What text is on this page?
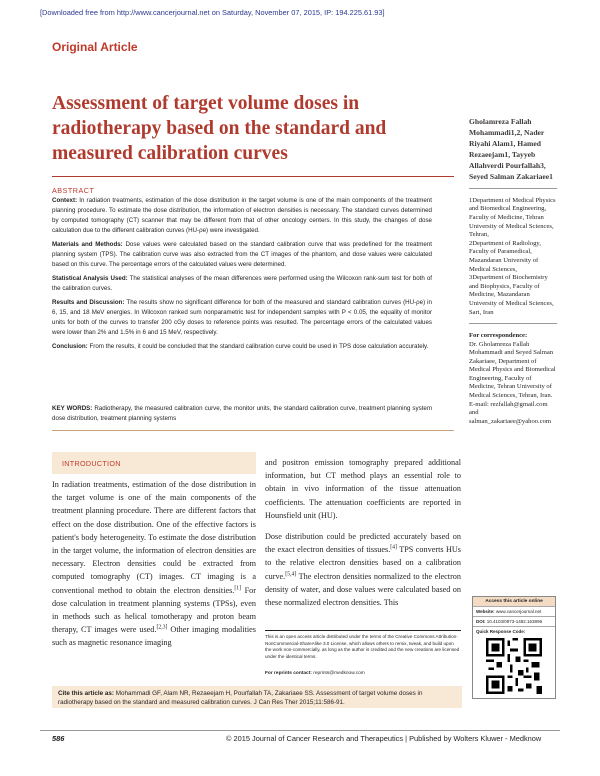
[Downloaded free from http://www.cancerjournal.net on Saturday, November 07, 2015, IP: 194.225.61.93]
Original Article
Assessment of target volume doses in radiotherapy based on the standard and measured calibration curves
ABSTRACT

Context: In radiation treatments, estimation of the dose distribution in the target volume is one of the main components of the treatment planning procedure. To estimate the dose distribution, the information of electron densities is necessary. The standard curves determined by computed tomography (CT) scanner that may be different from that of other oncology centers. In this study, the changes of dose calculation due to the different calibration curves (HU-ρe) were investigated.

Materials and Methods: Dose values were calculated based on the standard calibration curve that was predefined for the treatment planning system (TPS). The calibration curve was also extracted from the CT images of the phantom, and dose values were calculated based on this curve. The percentage errors of the calculated values were determined.

Statistical Analysis Used: The statistical analyses of the mean differences were performed using the Wilcoxon rank-sum test for both of the calibration curves.

Results and Discussion: The results show no significant difference for both of the measured and standard calibration curves (HU-ρe) in 6, 15, and 18 MeV energies. In Wilcoxon ranked sum nonparametric test for independent samples with P < 0.05, the equality of monitor units for both of the curves to transfer 200 cGy doses to reference points was resulted. The percentage errors of the calculated values were lower than 2% and 1.5% in 6 and 15 MeV, respectively.

Conclusion: From the results, it could be concluded that the standard calibration curve could be used in TPS dose calculation accurately.

KEY WORDS: Radiotherapy, the measured calibration curve, the monitor units, the standard calibration curve, treatment planning system dose distribution, treatment planning systems
INTRODUCTION

In radiation treatments, estimation of the dose distribution in the target volume is one of the main components of the treatment planning procedure. There are different factors that effect on the dose distribution. One of the effective factors is patient's body heterogeneity. To estimate the dose distribution in the target volume, the information of electron densities are necessary. Electron densities could be extracted from computed tomography (CT) images. CT imaging is a conventional method to obtain the electron densities.[1] For dose calculation in treatment planning systems (TPSs), even in methods such as helical tomotherapy and proton beam therapy, CT images were used.[2,3] Other imaging modalities such as magnetic resonance imaging

and positron emission tomography prepared additional information, but CT method plays an essential role to obtain in vivo information of the tissue attenuation coefficients. The attenuation coefficients are reported in Hounsfield unit (HU).

Dose distribution could be predicted accurately based on the exact electron densities of tissues.[4] TPS converts HUs to the relative electron densities based on a calibration curve.[5,4] The electron densities normalized to the electron density of water, and dose values were calculated based on these normalized electron densities. This

This is an open access article distributed under the terms of the Creative Commons Attribution-NonCommercial-ShareAlike 3.0 License, which allows others to remix, tweak, and build upon the work non-commercially, as long as the author is credited and the new creations are licensed under the identical terms.
For reprints contact: reprints@medknow.com
Cite this article as: Mohammadi GF, Alam NR, Rezaeejam H, Pourfallah TA, Zakariaee SS. Assessment of target volume doses in radiotherapy based on the standard and measured calibration curves. J Can Res Ther 2015;11:586-91.
586	© 2015 Journal of Cancer Research and Therapeutics | Published by Wolters Kluwer - Medknow
Gholamreza Fallah Mohammadi1,2, Nader Riyahi Alam1, Hamed Rezaeejam1, Tayyeb Allahverdi Pourfallah3, Seyed Salman Zakariaee1

1Department of Medical Physics and Biomedical Engineering, Faculty of Medicine, Tehran University of Medical Sciences, Tehran,

2Department of Radiology, Faculty of Paramedical, Mazandaran University of Medical Sciences,

3Department of Biochemistry and Biophysics, Faculty of Medicine, Mazandaran University of Medical Sciences, Sari, Iran

For correspondence:
Dr. Gholamreza Fallah Mohammadi and Seyed Salman Zakariaee, Department of Medical Physics and Biomedical Engineering, Faculty of Medicine, Tehran University of Medical Sciences, Tehran, Iran. E-mail: rezfallah@gmail.com and salman_zakariaee@yahoo.com
Access this article online
Website: www.cancerjournal.net
DOI: 10.4103/0973-1482.163896
Quick Response Code:
